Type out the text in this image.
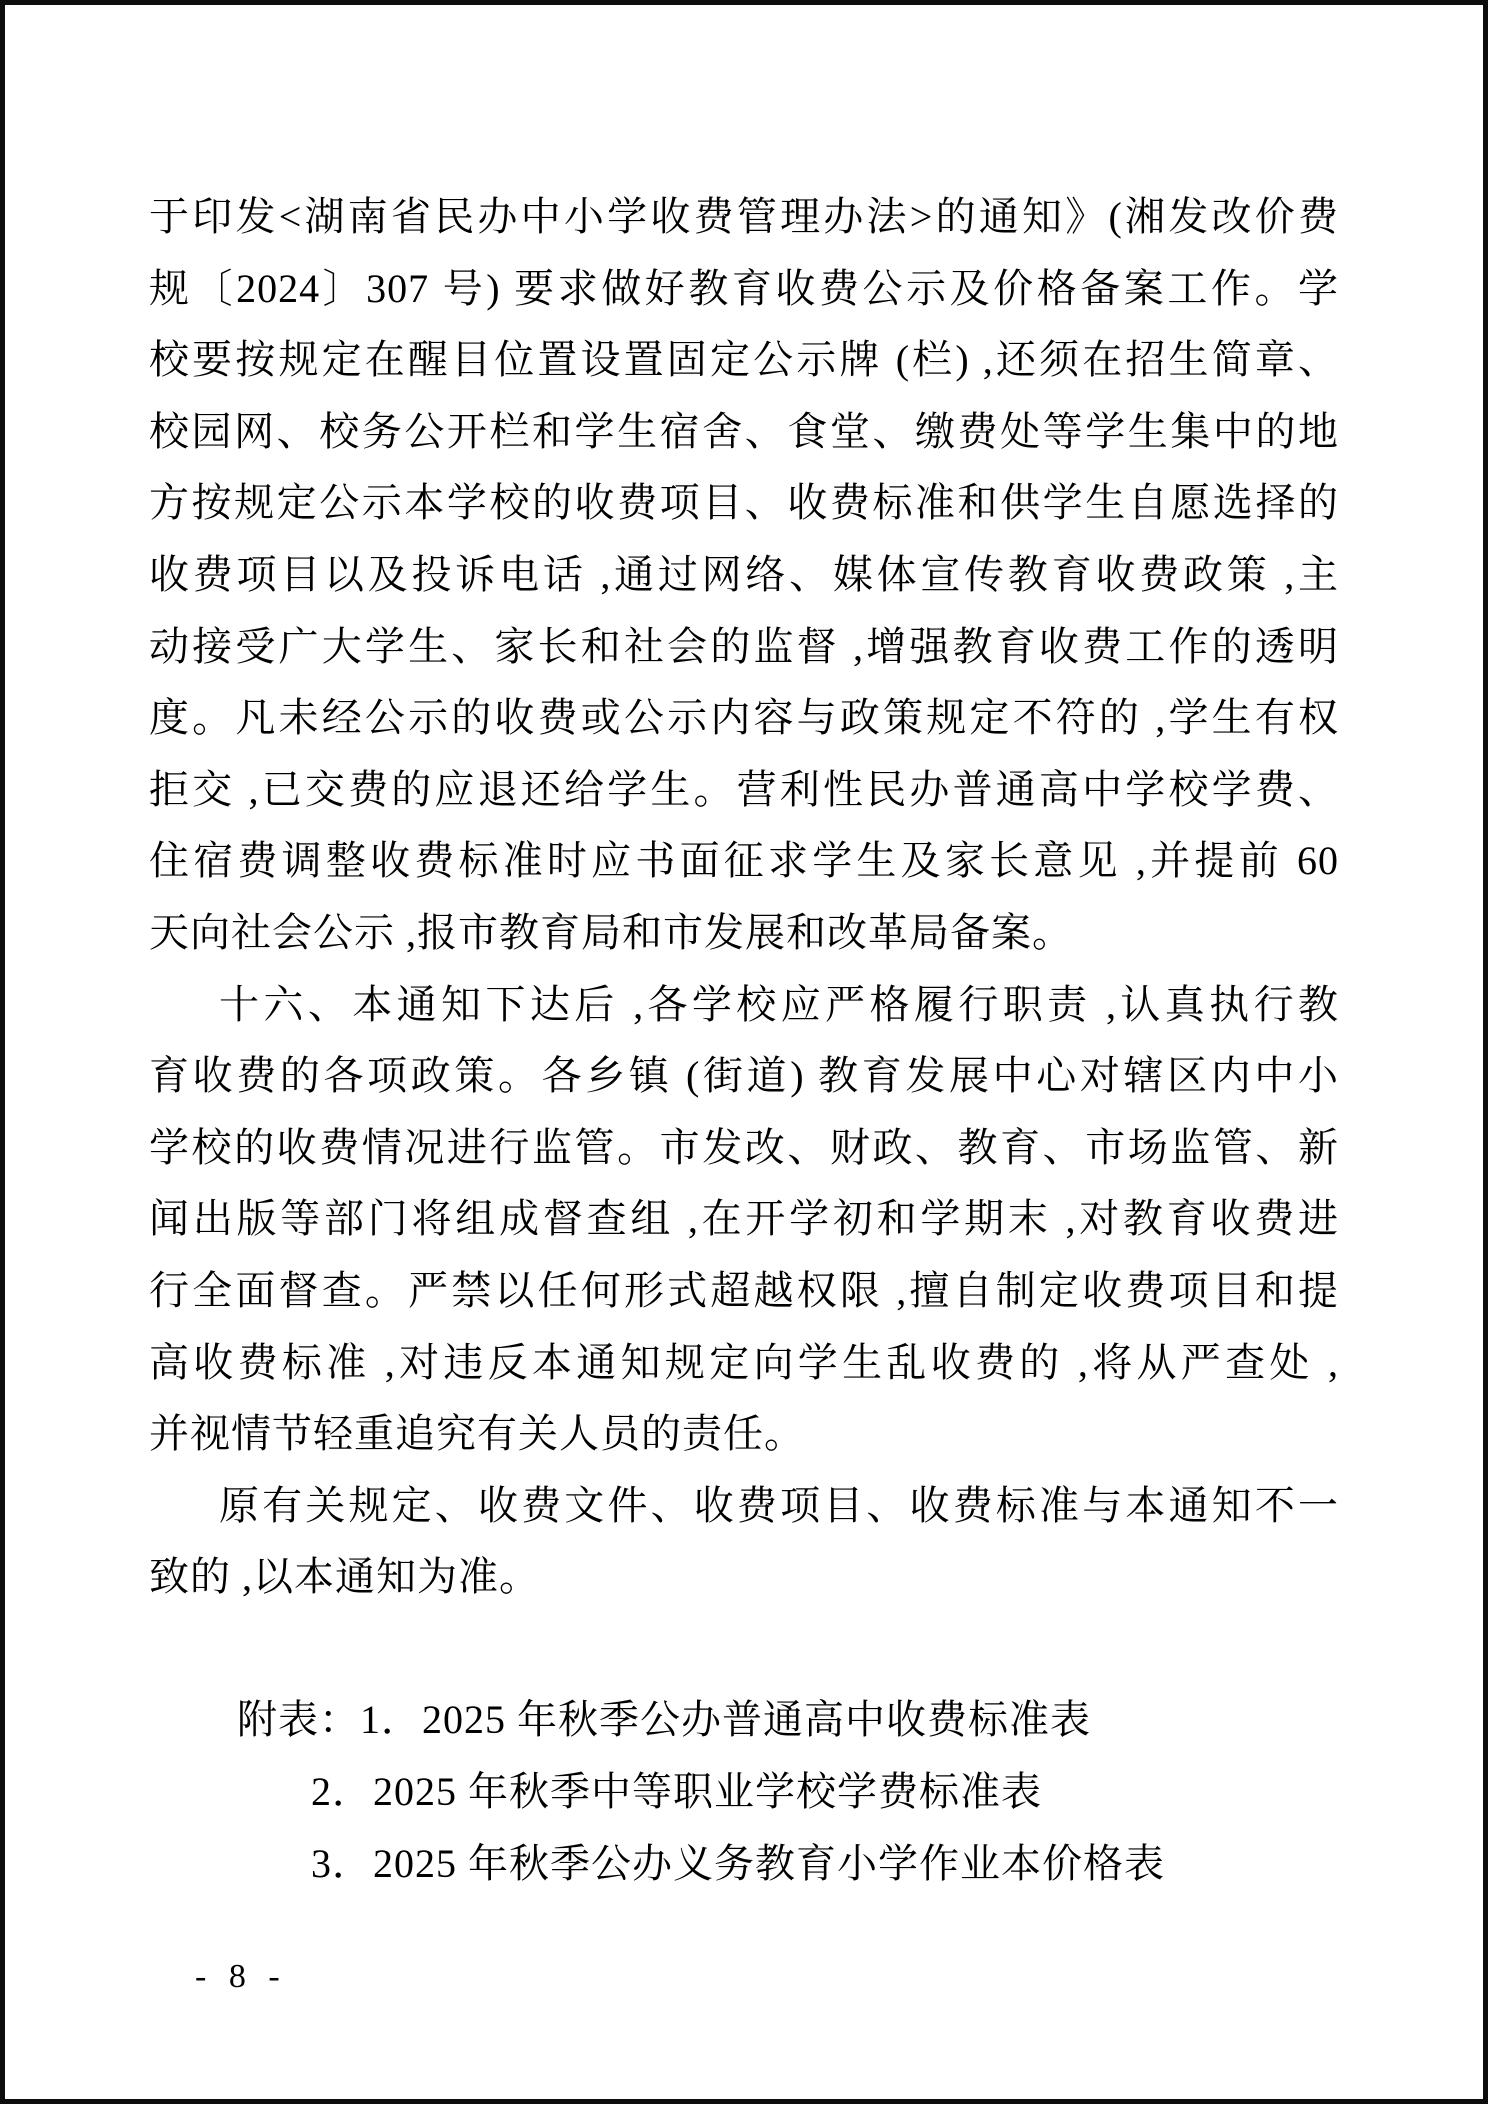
于印发<湖南省民办中小学收费管理办法>的通知》(湘发改价费
规〔2024〕307 号) 要求做好教育收费公示及价格备案工作。学
校要按规定在醒目位置设置固定公示牌 (栏) ,还须在招生简章、
校园网、校务公开栏和学生宿舍、食堂、缴费处等学生集中的地
方按规定公示本学校的收费项目、收费标准和供学生自愿选择的
收费项目以及投诉电话 ,通过网络、媒体宣传教育收费政策 ,主
动接受广大学生、家长和社会的监督 ,增强教育收费工作的透明
度。凡未经公示的收费或公示内容与政策规定不符的 ,学生有权
拒交 ,已交费的应退还给学生。营利性民办普通高中学校学费、
住宿费调整收费标准时应书面征求学生及家长意见 ,并提前 60
天向社会公示 ,报市教育局和市发展和改革局备案。
十六、本通知下达后 ,各学校应严格履行职责 ,认真执行教
育收费的各项政策。各乡镇 (街道) 教育发展中心对辖区内中小
学校的收费情况进行监管。市发改、财政、教育、市场监管、新
闻出版等部门将组成督查组 ,在开学初和学期末 ,对教育收费进
行全面督查。严禁以任何形式超越权限 ,擅自制定收费项目和提
高收费标准 ,对违反本通知规定向学生乱收费的 ,将从严查处 ,
并视情节轻重追究有关人员的责任。
原有关规定、收费文件、收费项目、收费标准与本通知不一
致的 ,以本通知为准。
附表：1．2025 年秋季公办普通高中收费标准表
2．2025 年秋季中等职业学校学费标准表
3．2025 年秋季公办义务教育小学作业本价格表
- 8 -
